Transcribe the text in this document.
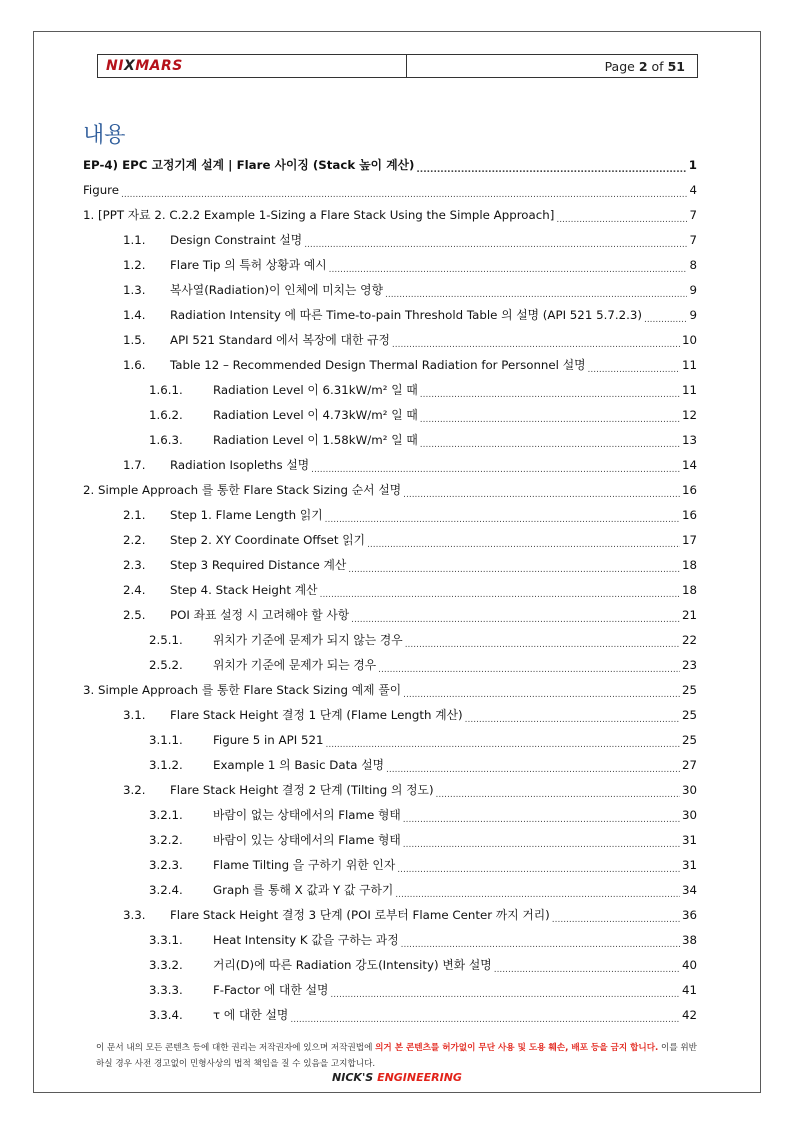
NIXMARS	Page 2 of 51
내용
EP-4) EPC 고정기계 설계 | Flare 사이징 (Stack 높이 계산) .....	1
Figure .....	4
1. [PPT 자료 2. C.2.2 Example 1-Sizing a Flare Stack Using the Simple Approach] .....	7
1.1.	Design Constraint 설명 .....	7
1.2.	Flare Tip 의 특허 상황과 예시 .....	8
1.3.	복사열(Radiation)이 인체에 미치는 영향 .....	9
1.4.	Radiation Intensity 에 따른 Time-to-pain Threshold Table 의 설명 (API 521 5.7.2.3) .....	9
1.5.	API 521 Standard 에서 복장에 대한 규정 .....	10
1.6.	Table 12 – Recommended Design Thermal Radiation for Personnel 설명 .....	11
1.6.1.	Radiation Level 이 6.31kW/m² 일 때 .....	11
1.6.2.	Radiation Level 이 4.73kW/m² 일 때 .....	12
1.6.3.	Radiation Level 이 1.58kW/m² 일 때 .....	13
1.7.	Radiation Isopleths 설명 .....	14
2. Simple Approach 를 통한 Flare Stack Sizing 순서 설명 .....	16
2.1.	Step 1. Flame Length 읽기 .....	16
2.2.	Step 2. XY Coordinate Offset 읽기 .....	17
2.3.	Step 3 Required Distance 계산 .....	18
2.4.	Step 4. Stack Height 계산 .....	18
2.5.	POI 좌표 설정 시 고려해야 할 사항 .....	21
2.5.1.	위치가 기준에 문제가 되지 않는 경우 .....	22
2.5.2.	위치가 기준에 문제가 되는 경우 .....	23
3. Simple Approach 를 통한 Flare Stack Sizing 예제 풀이 .....	25
3.1.	Flare Stack Height 결정 1 단계 (Flame Length 계산) .....	25
3.1.1.	Figure 5 in API 521 .....	25
3.1.2.	Example 1 의 Basic Data 설명 .....	27
3.2.	Flare Stack Height 결정 2 단계 (Tilting 의 정도) .....	30
3.2.1.	바람이 없는 상태에서의 Flame 형태 .....	30
3.2.2.	바람이 있는 상태에서의 Flame 형태 .....	31
3.2.3.	Flame Tilting 을 구하기 위한 인자 .....	31
3.2.4.	Graph 를 통해 X 값과 Y 값 구하기 .....	34
3.3.	Flare Stack Height 결정 3 단계 (POI 로부터 Flame Center 까지 거리) .....	36
3.3.1.	Heat Intensity K 값을 구하는 과정 .....	38
3.3.2.	거리(D)에 따른 Radiation 강도(Intensity) 변화 설명 .....	40
3.3.3.	F-Factor 에 대한 설명 .....	41
3.3.4.	τ 에 대한 설명 .....	42
이 문서 내의 모든 콘텐츠 등에 대한 권리는 저작권자에 있으며 저작권법에 의거 본 콘텐츠를 허가없이 무단 사용 및 도용 훼손, 배포 등을 금지 합니다. 이를 위반 하실 경우 사전 경고없이 민형사상의 법적 책임을 질 수 있음을 고지합니다.
NICK'S ENGINEERING
